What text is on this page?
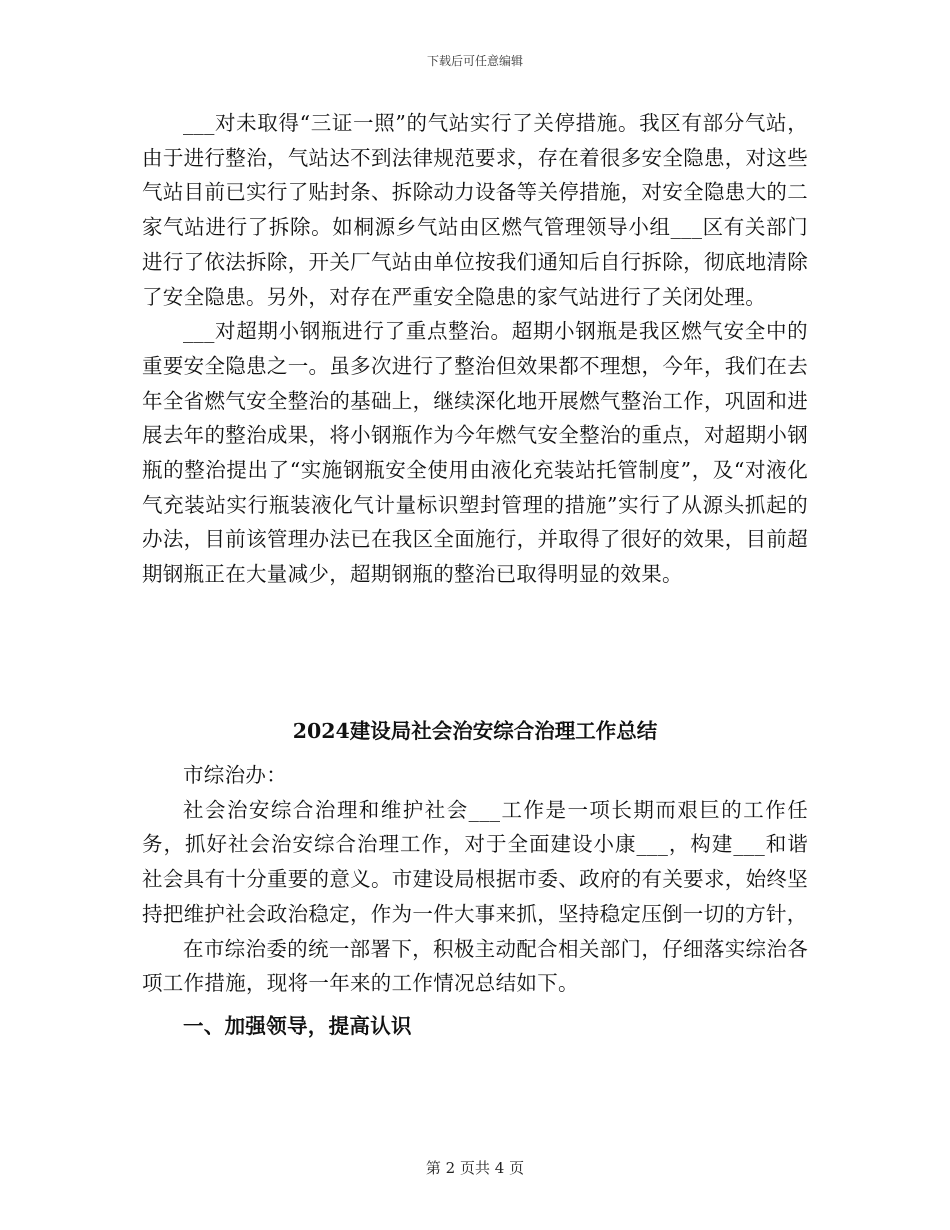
下载后可任意编辑

___对未取得“三证一照”的气站实行了关停措施。我区有部分气站，由于进行整治，气站达不到法律规范要求，存在着很多安全隐患，对这些气站目前已实行了贴封条、拆除动力设备等关停措施，对安全隐患大的二家气站进行了拆除。如桐源乡气站由区燃气管理领导小组___区有关部门进行了依法拆除，开关厂气站由单位按我们通知后自行拆除，彻底地清除了安全隐患。另外，对存在严重安全隐患的家气站进行了关闭处理。

___对超期小钢瓶进行了重点整治。超期小钢瓶是我区燃气安全中的重要安全隐患之一。虽多次进行了整治但效果都不理想，今年，我们在去年全省燃气安全整治的基础上，继续深化地开展燃气整治工作，巩固和进展去年的整治成果，将小钢瓶作为今年燃气安全整治的重点，对超期小钢瓶的整治提出了“实施钢瓶安全使用由液化充装站托管制度”，及“对液化气充装站实行瓶装液化气计量标识塑封管理的措施”实行了从源头抓起的办法，目前该管理办法已在我区全面施行，并取得了很好的效果，目前超期钢瓶正在大量减少，超期钢瓶的整治已取得明显的效果。

2024建设局社会治安综合治理工作总结

市综治办：

社会治安综合治理和维护社会___工作是一项长期而艰巨的工作任务，抓好社会治安综合治理工作，对于全面建设小康___，构建___和谐社会具有十分重要的意义。市建设局根据市委、政府的有关要求，始终坚持把维护社会政治稳定，作为一件大事来抓，坚持稳定压倒一切的方针，

在市综治委的统一部署下，积极主动配合相关部门，仔细落实综治各项工作措施，现将一年来的工作情况总结如下。

一、加强领导，提高认识

第 2 页共 4 页
